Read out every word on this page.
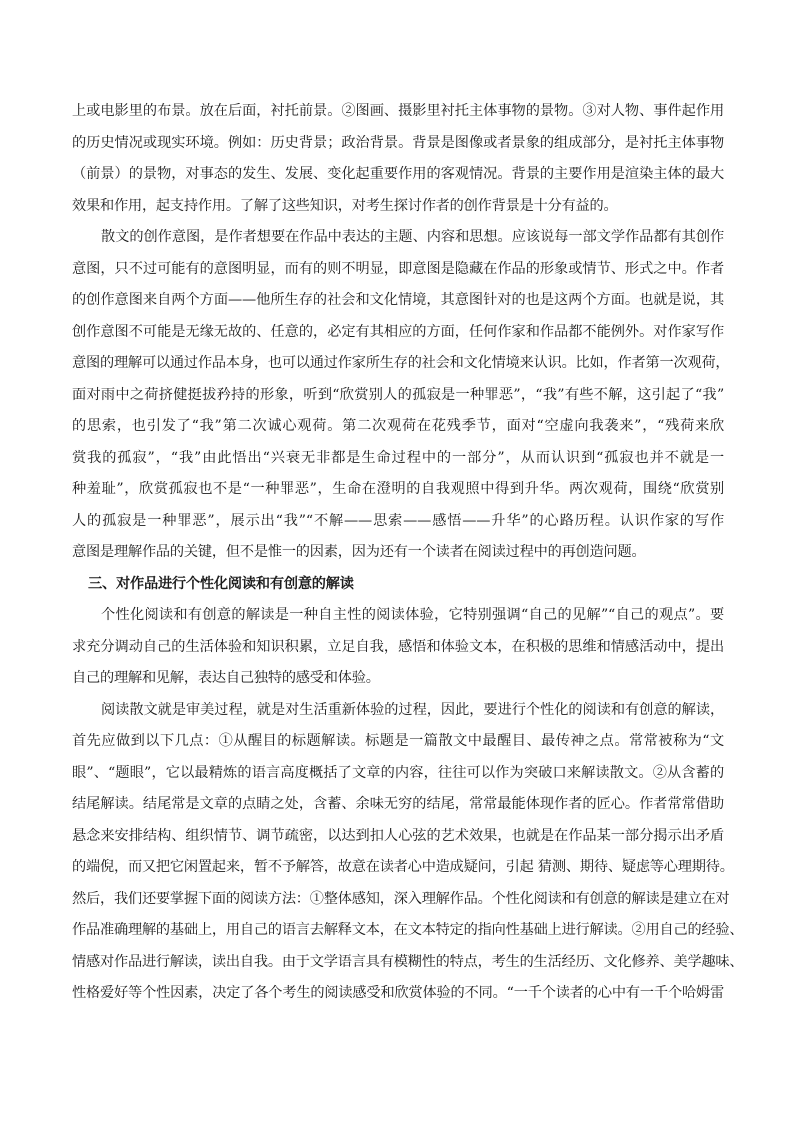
上或电影里的布景。放在后面，衬托前景。②图画、摄影里衬托主体事物的景物。③对人物、事件起作用
的历史情况或现实环境。例如：历史背景；政治背景。背景是图像或者景象的组成部分，是衬托主体事物
（前景）的景物，对事态的发生、发展、变化起重要作用的客观情况。背景的主要作用是渲染主体的最大
效果和作用，起支持作用。了解了这些知识，对考生探讨作者的创作背景是十分有益的。
散文的创作意图，是作者想要在作品中表达的主题、内容和思想。应该说每一部文学作品都有其创作
意图，只不过可能有的意图明显，而有的则不明显，即意图是隐藏在作品的形象或情节、形式之中。作者
的创作意图来自两个方面——他所生存的社会和文化情境，其意图针对的也是这两个方面。也就是说，其
创作意图不可能是无缘无故的、任意的，必定有其相应的方面，任何作家和作品都不能例外。对作家写作
意图的理解可以通过作品本身，也可以通过作家所生存的社会和文化情境来认识。比如，作者第一次观荷，
面对雨中之荷挤健挺拔矜持的形象，听到“欣赏别人的孤寂是一种罪恶”，“我”有些不解，这引起了“我”
的思索，也引发了“我”第二次诚心观荷。第二次观荷在花残季节，面对“空虚向我袭来”，“残荷来欣
赏我的孤寂”，“我”由此悟出“兴衰无非都是生命过程中的一部分”，从而认识到“孤寂也并不就是一
种羞耻”，欣赏孤寂也不是“一种罪恶”，生命在澄明的自我观照中得到升华。两次观荷，围绕“欣赏别
人的孤寂是一种罪恶”，展示出“我”“不解——思索——感悟——升华”的心路历程。认识作家的写作
意图是理解作品的关键，但不是惟一的因素，因为还有一个读者在阅读过程中的再创造问题。
三、对作品进行个性化阅读和有创意的解读
个性化阅读和有创意的解读是一种自主性的阅读体验，它特别强调“自己的见解”“自己的观点”。要
求充分调动自己的生活体验和知识积累，立足自我，感悟和体验文本，在积极的思维和情感活动中，提出
自己的理解和见解，表达自己独特的感受和体验。
阅读散文就是审美过程，就是对生活重新体验的过程，因此，要进行个性化的阅读和有创意的解读，
首先应做到以下几点：①从醒目的标题解读。标题是一篇散文中最醒目、最传神之点。常常被称为“文
眼”、“题眼”，它以最精炼的语言高度概括了文章的内容，往往可以作为突破口来解读散文。②从含蓄的
结尾解读。结尾常是文章的点睛之处，含蓄、余味无穷的结尾，常常最能体现作者的匠心。作者常常借助
悬念来安排结构、组织情节、调节疏密，以达到扣人心弦的艺术效果，也就是在作品某一部分揭示出矛盾
的端倪，而又把它闲置起来，暂不予解答，故意在读者心中造成疑问，引起 猜测、期待、疑虑等心理期待。
然后，我们还要掌握下面的阅读方法：①整体感知，深入理解作品。个性化阅读和有创意的解读是建立在对
作品准确理解的基础上，用自己的语言去解释文本，在文本特定的指向性基础上进行解读。②用自己的经验、
情感对作品进行解读，读出自我。由于文学语言具有模糊性的特点，考生的生活经历、文化修养、美学趣味、
性格爱好等个性因素，决定了各个考生的阅读感受和欣赏体验的不同。“一千个读者的心中有一千个哈姆雷
